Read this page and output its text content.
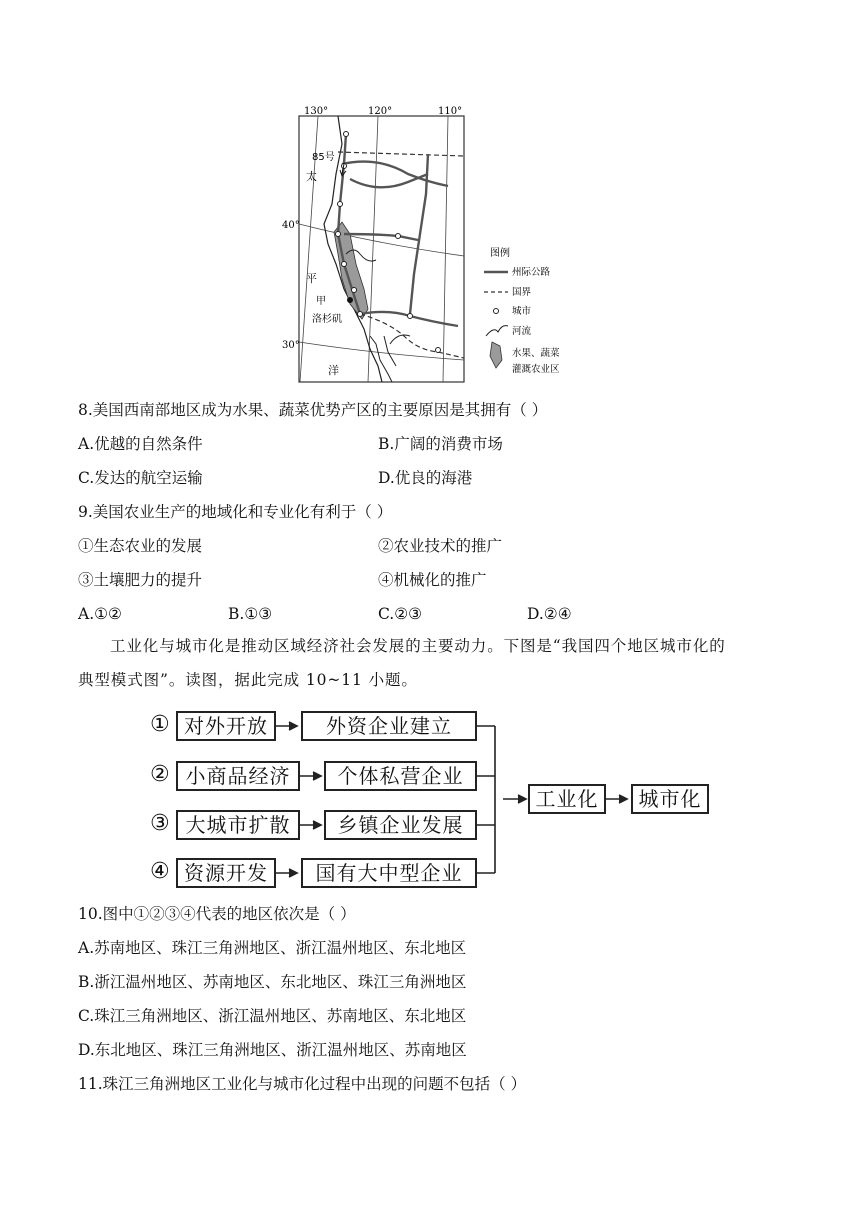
130°	120°	110°
40°
30°
太
平
洋
85号
甲
洛杉矶
图例
州际公路
国界
城市
河流
水果、蔬菜
灌溉农业区
8.美国西南部地区成为水果、蔬菜优势产区的主要原因是其拥有（ ）
A.优越的自然条件	B.广阔的消费市场
C.发达的航空运输	D.优良的海港
9.美国农业生产的地域化和专业化有利于（ ）
①生态农业的发展	②农业技术的推广
③土壤肥力的提升	④机械化的推广
A.①②	B.①③	C.②③	D.②④
工业化与城市化是推动区域经济社会发展的主要动力。下图是“我国四个地区城市化的
典型模式图”。读图，据此完成 10~11 小题。
① 对外开放	外资企业建立
② 小商品经济	个体私营企业
③ 大城市扩散	乡镇企业发展
④ 资源开发	国有大中型企业
工业化	城市化
10.图中①②③④代表的地区依次是（ ）
A.苏南地区、珠江三角洲地区、浙江温州地区、东北地区
B.浙江温州地区、苏南地区、东北地区、珠江三角洲地区
C.珠江三角洲地区、浙江温州地区、苏南地区、东北地区
D.东北地区、珠江三角洲地区、浙江温州地区、苏南地区
11.珠江三角洲地区工业化与城市化过程中出现的问题不包括（ ）
